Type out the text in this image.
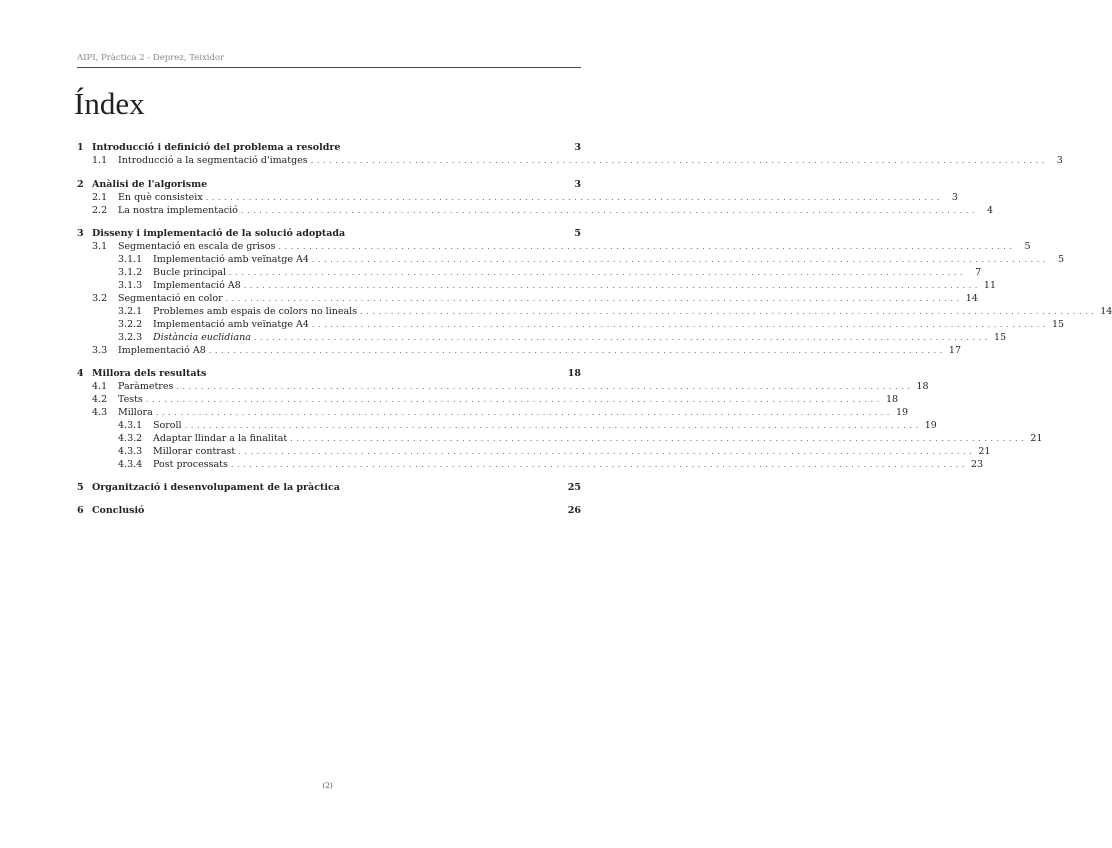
AIPI, Pràctica 2 - Deprez, Teixidor
Índex
1 Introducció i definició del problema a resoldre	3
1.1	Introducció a la segmentació d'imatges ........................................................................................................................ 3
2 Anàlisi de l'algorisme	3
2.1	En què consisteix ........................................................................................................................ 3
2.2	La nostra implementació ........................................................................................................................ 4
3 Disseny i implementació de la solució adoptada	5
3.1	Segmentació en escala de grisos ........................................................................................................................ 5
3.1.1	Implementació amb veïnatge A4 ........................................................................................................................ 5
3.1.2	Bucle principal ........................................................................................................................ 7
3.1.3	Implementació A8 ........................................................................................................................ 11
3.2	Segmentació en color ........................................................................................................................ 14
3.2.1	Problemes amb espais de colors no lineals ........................................................................................................................ 14
3.2.2	Implementació amb veïnatge A4 ........................................................................................................................ 15
3.2.3	Distància euclidiana ........................................................................................................................ 15
3.3	Implementació A8 ........................................................................................................................ 17
4 Millora dels resultats	18
4.1	Paràmetres ........................................................................................................................ 18
4.2	Tests ........................................................................................................................ 18
4.3	Millora ........................................................................................................................ 19
4.3.1	Soroll ........................................................................................................................ 19
4.3.2	Adaptar llindar a la finalitat ........................................................................................................................ 21
4.3.3	Millorar contrast ........................................................................................................................ 21
4.3.4	Post processats ........................................................................................................................ 23
5 Organització i desenvolupament de la pràctica	25
6 Conclusió	26
(2)
